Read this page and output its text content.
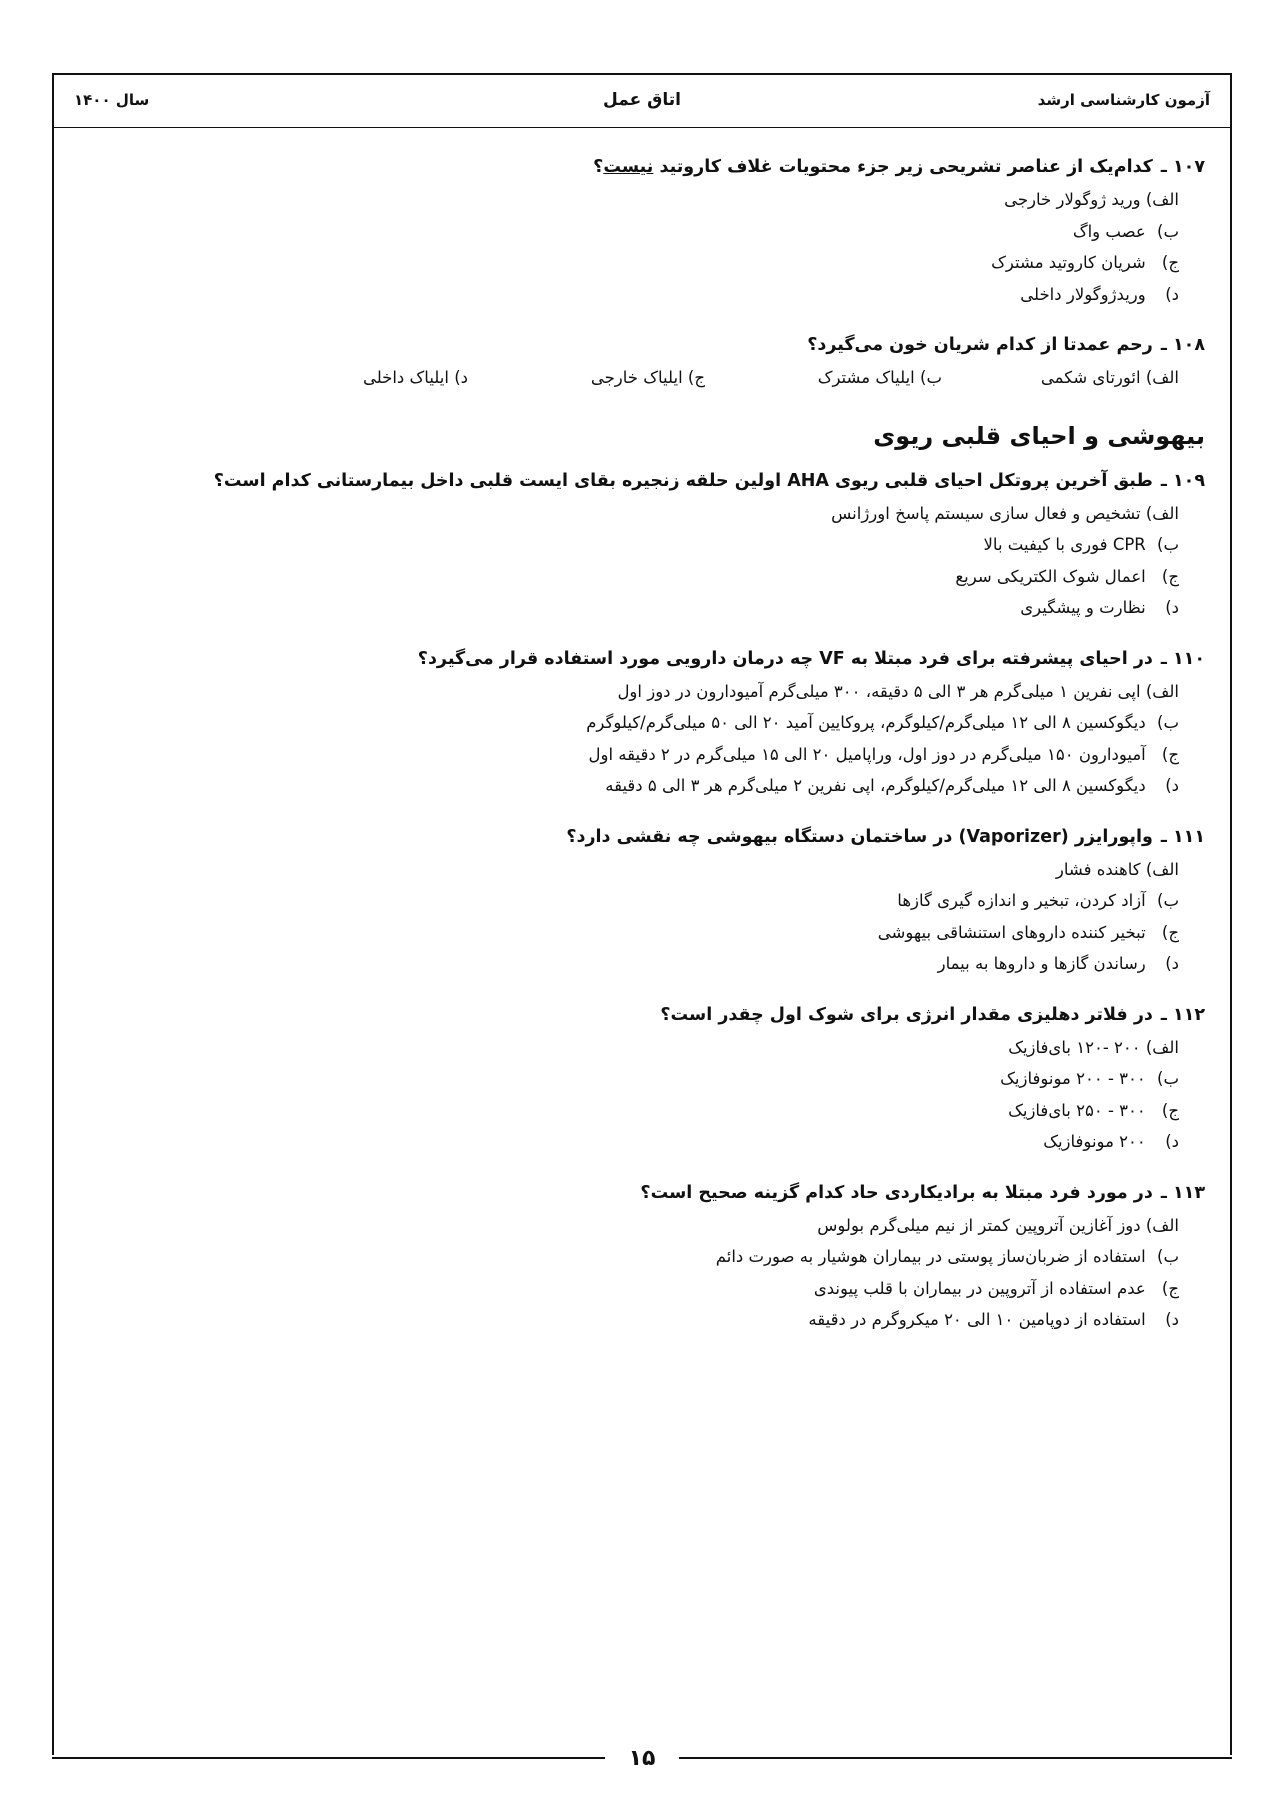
آزمون کارشناسی ارشد
اتاق عمل
سال ۱۴۰۰
۱۰۷ ـکدام‌یک از عناصر تشریحی زیر جزء محتویات غلاف کاروتید نیست؟
الف) ورید ژوگولار خارجی
ب) عصب واگ
ج) شریان کاروتید مشترک
د) وریدژوگولار داخلی
۱۰۸ ـرحم عمدتا از کدام شریان خون می‌گیرد؟
الف) ائورتای شکمی
ب) ایلیاک مشترک
ج) ایلیاک خارجی
د) ایلیاک داخلی
بیهوشی و احیای قلبی ریوی
۱۰۹ ـطبق آخرین پروتکل احیای قلبی ریوی AHA اولین حلقه زنجیره بقای ایست قلبی داخل بیمارستانی کدام است؟
الف) تشخیص و فعال سازی سیستم پاسخ اورژانس
ب) CPR فوری با کیفیت بالا
ج) اعمال شوک الکتریکی سریع
د) نظارت و پیشگیری
۱۱۰ ـدر احیای پیشرفته برای فرد مبتلا به VF چه درمان دارویی مورد استفاده قرار می‌گیرد؟
الف) اپی نفرین ۱ میلی‌گرم هر ۳ الی ۵ دقیقه، ۳۰۰ میلی‌گرم آمیودارون در دوز اول
ب) دیگوکسین ۸ الی ۱۲ میلی‌گرم/کیلوگرم، پروکایین آمید ۲۰ الی ۵۰ میلی‌گرم/کیلوگرم
ج) آمیودارون ۱۵۰ میلی‌گرم در دوز اول، وراپامیل ۲۰ الی ۱۵ میلی‌گرم در ۲ دقیقه اول
د) دیگوکسین ۸ الی ۱۲ میلی‌گرم/کیلوگرم، اپی نفرین ۲ میلی‌گرم هر ۳ الی ۵ دقیقه
۱۱۱ ـواپورایزر (Vaporizer) در ساختمان دستگاه بیهوشی چه نقشی دارد؟
الف) کاهنده فشار
ب) آزاد کردن، تبخیر و اندازه گیری گازها
ج) تبخیر کننده داروهای استنشاقی بیهوشی
د) رساندن گازها و داروها به بیمار
۱۱۲ ـدر فلاتر دهلیزی مقدار انرژی برای شوک اول چقدر است؟
الف) ۲۰۰ -۱۲۰ بای‌فازیک
ب) ۳۰۰ - ۲۰۰ مونوفازیک
ج) ۳۰۰ - ۲۵۰ بای‌فازیک
د) ۲۰۰ مونوفازیک
۱۱۳ ـدر مورد فرد مبتلا به برادیکاردی حاد کدام گزینه صحیح است؟
الف) دوز آغازین آتروپین کمتر از نیم میلی‌گرم بولوس
ب) استفاده از ضربان‌ساز پوستی در بیماران هوشیار به صورت دائم
ج) عدم استفاده از آتروپین در بیماران با قلب پیوندی
د) استفاده از دوپامین ۱۰ الی ۲۰ میکروگرم در دقیقه
۱۵
